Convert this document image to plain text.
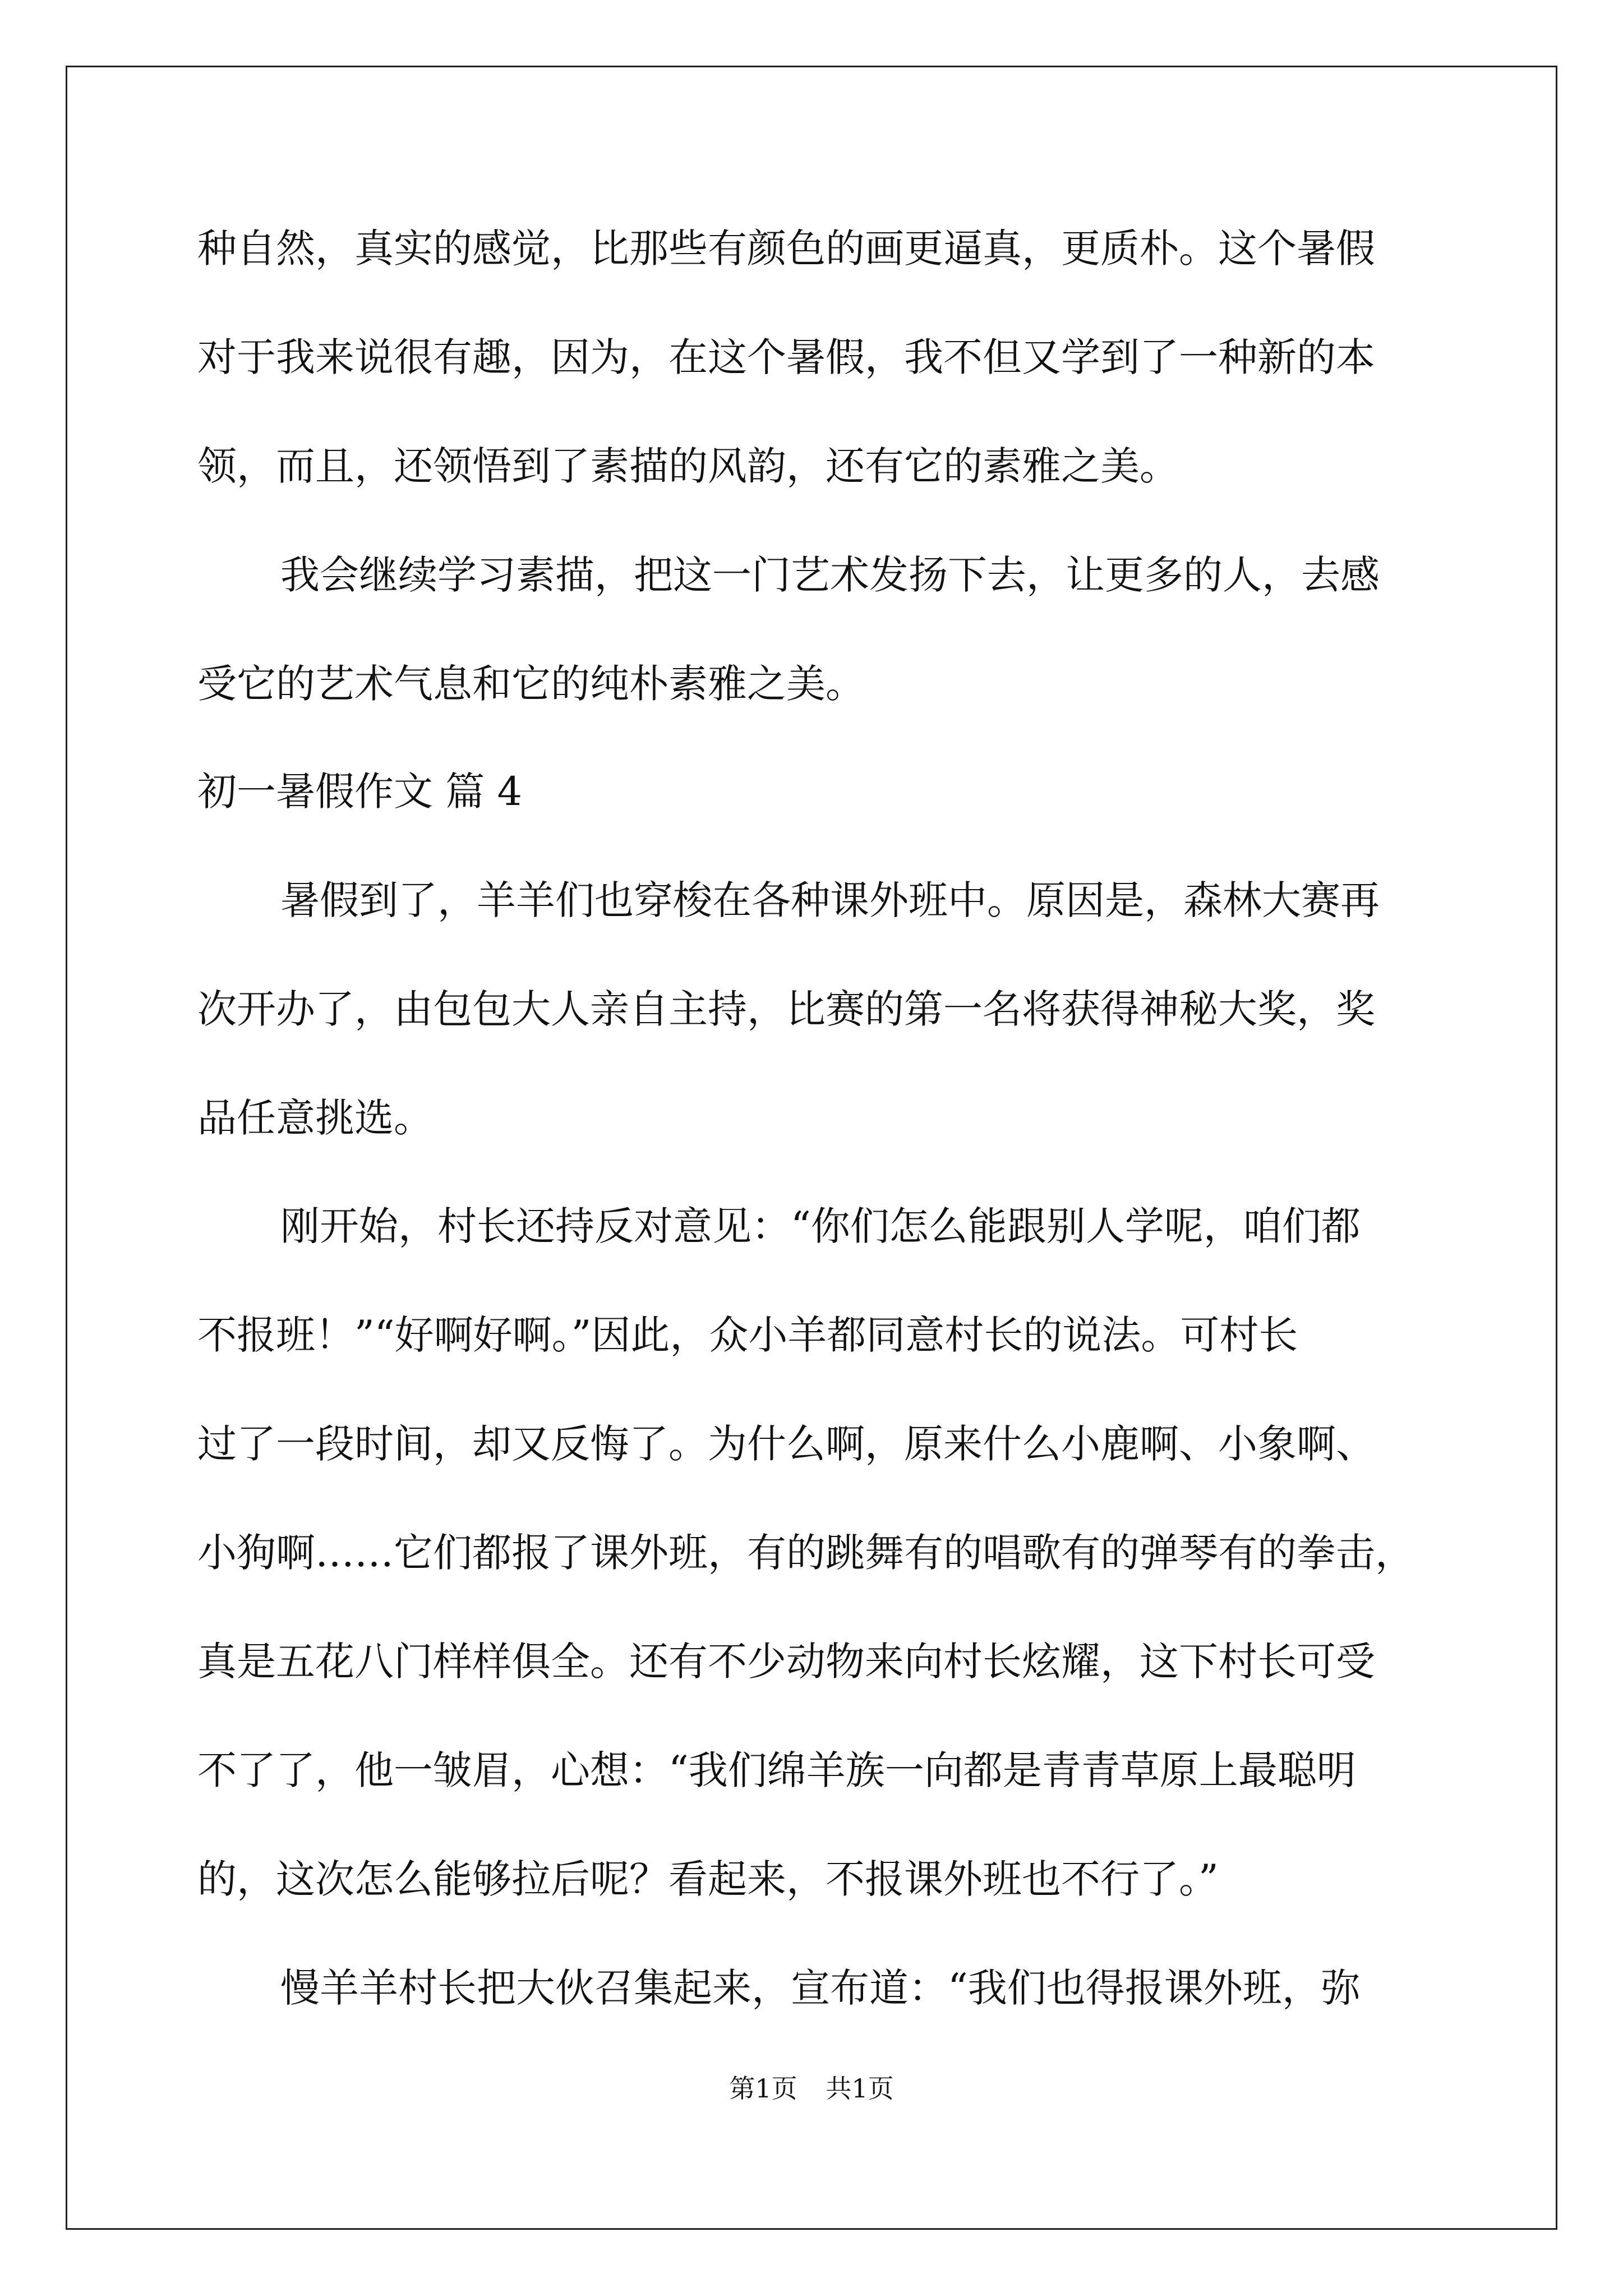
种自然，真实的感觉，比那些有颜色的画更逼真，更质朴。这个暑假
对于我来说很有趣，因为，在这个暑假，我不但又学到了一种新的本
领，而且，还领悟到了素描的风韵，还有它的素雅之美。
我会继续学习素描，把这一门艺术发扬下去，让更多的人，去感
受它的艺术气息和它的纯朴素雅之美。
初一暑假作文 篇 4
暑假到了，羊羊们也穿梭在各种课外班中。原因是，森林大赛再
次开办了，由包包大人亲自主持，比赛的第一名将获得神秘大奖，奖
品任意挑选。
刚开始，村长还持反对意见：“你们怎么能跟别人学呢，咱们都
不报班！”“好啊好啊。”因此，众小羊都同意村长的说法。可村长
过了一段时间，却又反悔了。为什么啊，原来什么小鹿啊、小象啊、
小狗啊……它们都报了课外班，有的跳舞有的唱歌有的弹琴有的拳击，
真是五花八门样样俱全。还有不少动物来向村长炫耀，这下村长可受
不了了，他一皱眉，心想：“我们绵羊族一向都是青青草原上最聪明
的，这次怎么能够拉后呢？看起来，不报课外班也不行了。”
慢羊羊村长把大伙召集起来，宣布道：“我们也得报课外班，弥
第1页 共1页
